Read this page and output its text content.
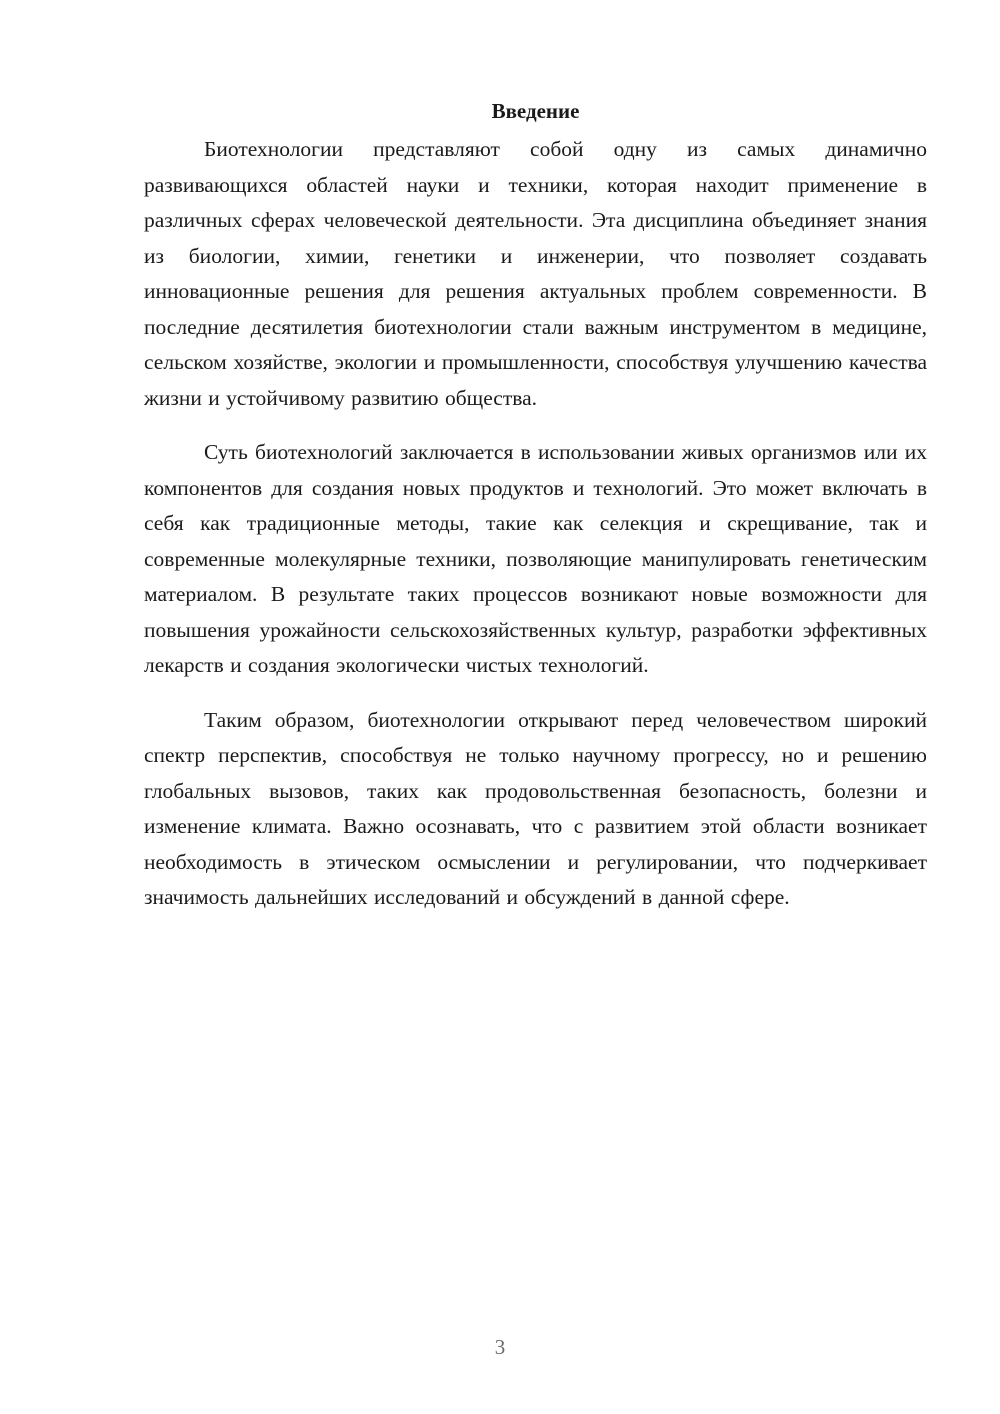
Введение

Биотехнологии представляют собой одну из самых динамично развивающихся областей науки и техники, которая находит применение в различных сферах человеческой деятельности. Эта дисциплина объединяет знания из биологии, химии, генетики и инженерии, что позволяет создавать инновационные решения для решения актуальных проблем современности. В последние десятилетия биотехнологии стали важным инструментом в медицине, сельском хозяйстве, экологии и промышленности, способствуя улучшению качества жизни и устойчивому развитию общества.

Суть биотехнологий заключается в использовании живых организмов или их компонентов для создания новых продуктов и технологий. Это может включать в себя как традиционные методы, такие как селекция и скрещивание, так и современные молекулярные техники, позволяющие манипулировать генетическим материалом. В результате таких процессов возникают новые возможности для повышения урожайности сельскохозяйственных культур, разработки эффективных лекарств и создания экологически чистых технологий.

Таким образом, биотехнологии открывают перед человечеством широкий спектр перспектив, способствуя не только научному прогрессу, но и решению глобальных вызовов, таких как продовольственная безопасность, болезни и изменение климата. Важно осознавать, что с развитием этой области возникает необходимость в этическом осмыслении и регулировании, что подчеркивает значимость дальнейших исследований и обсуждений в данной сфере.

3
